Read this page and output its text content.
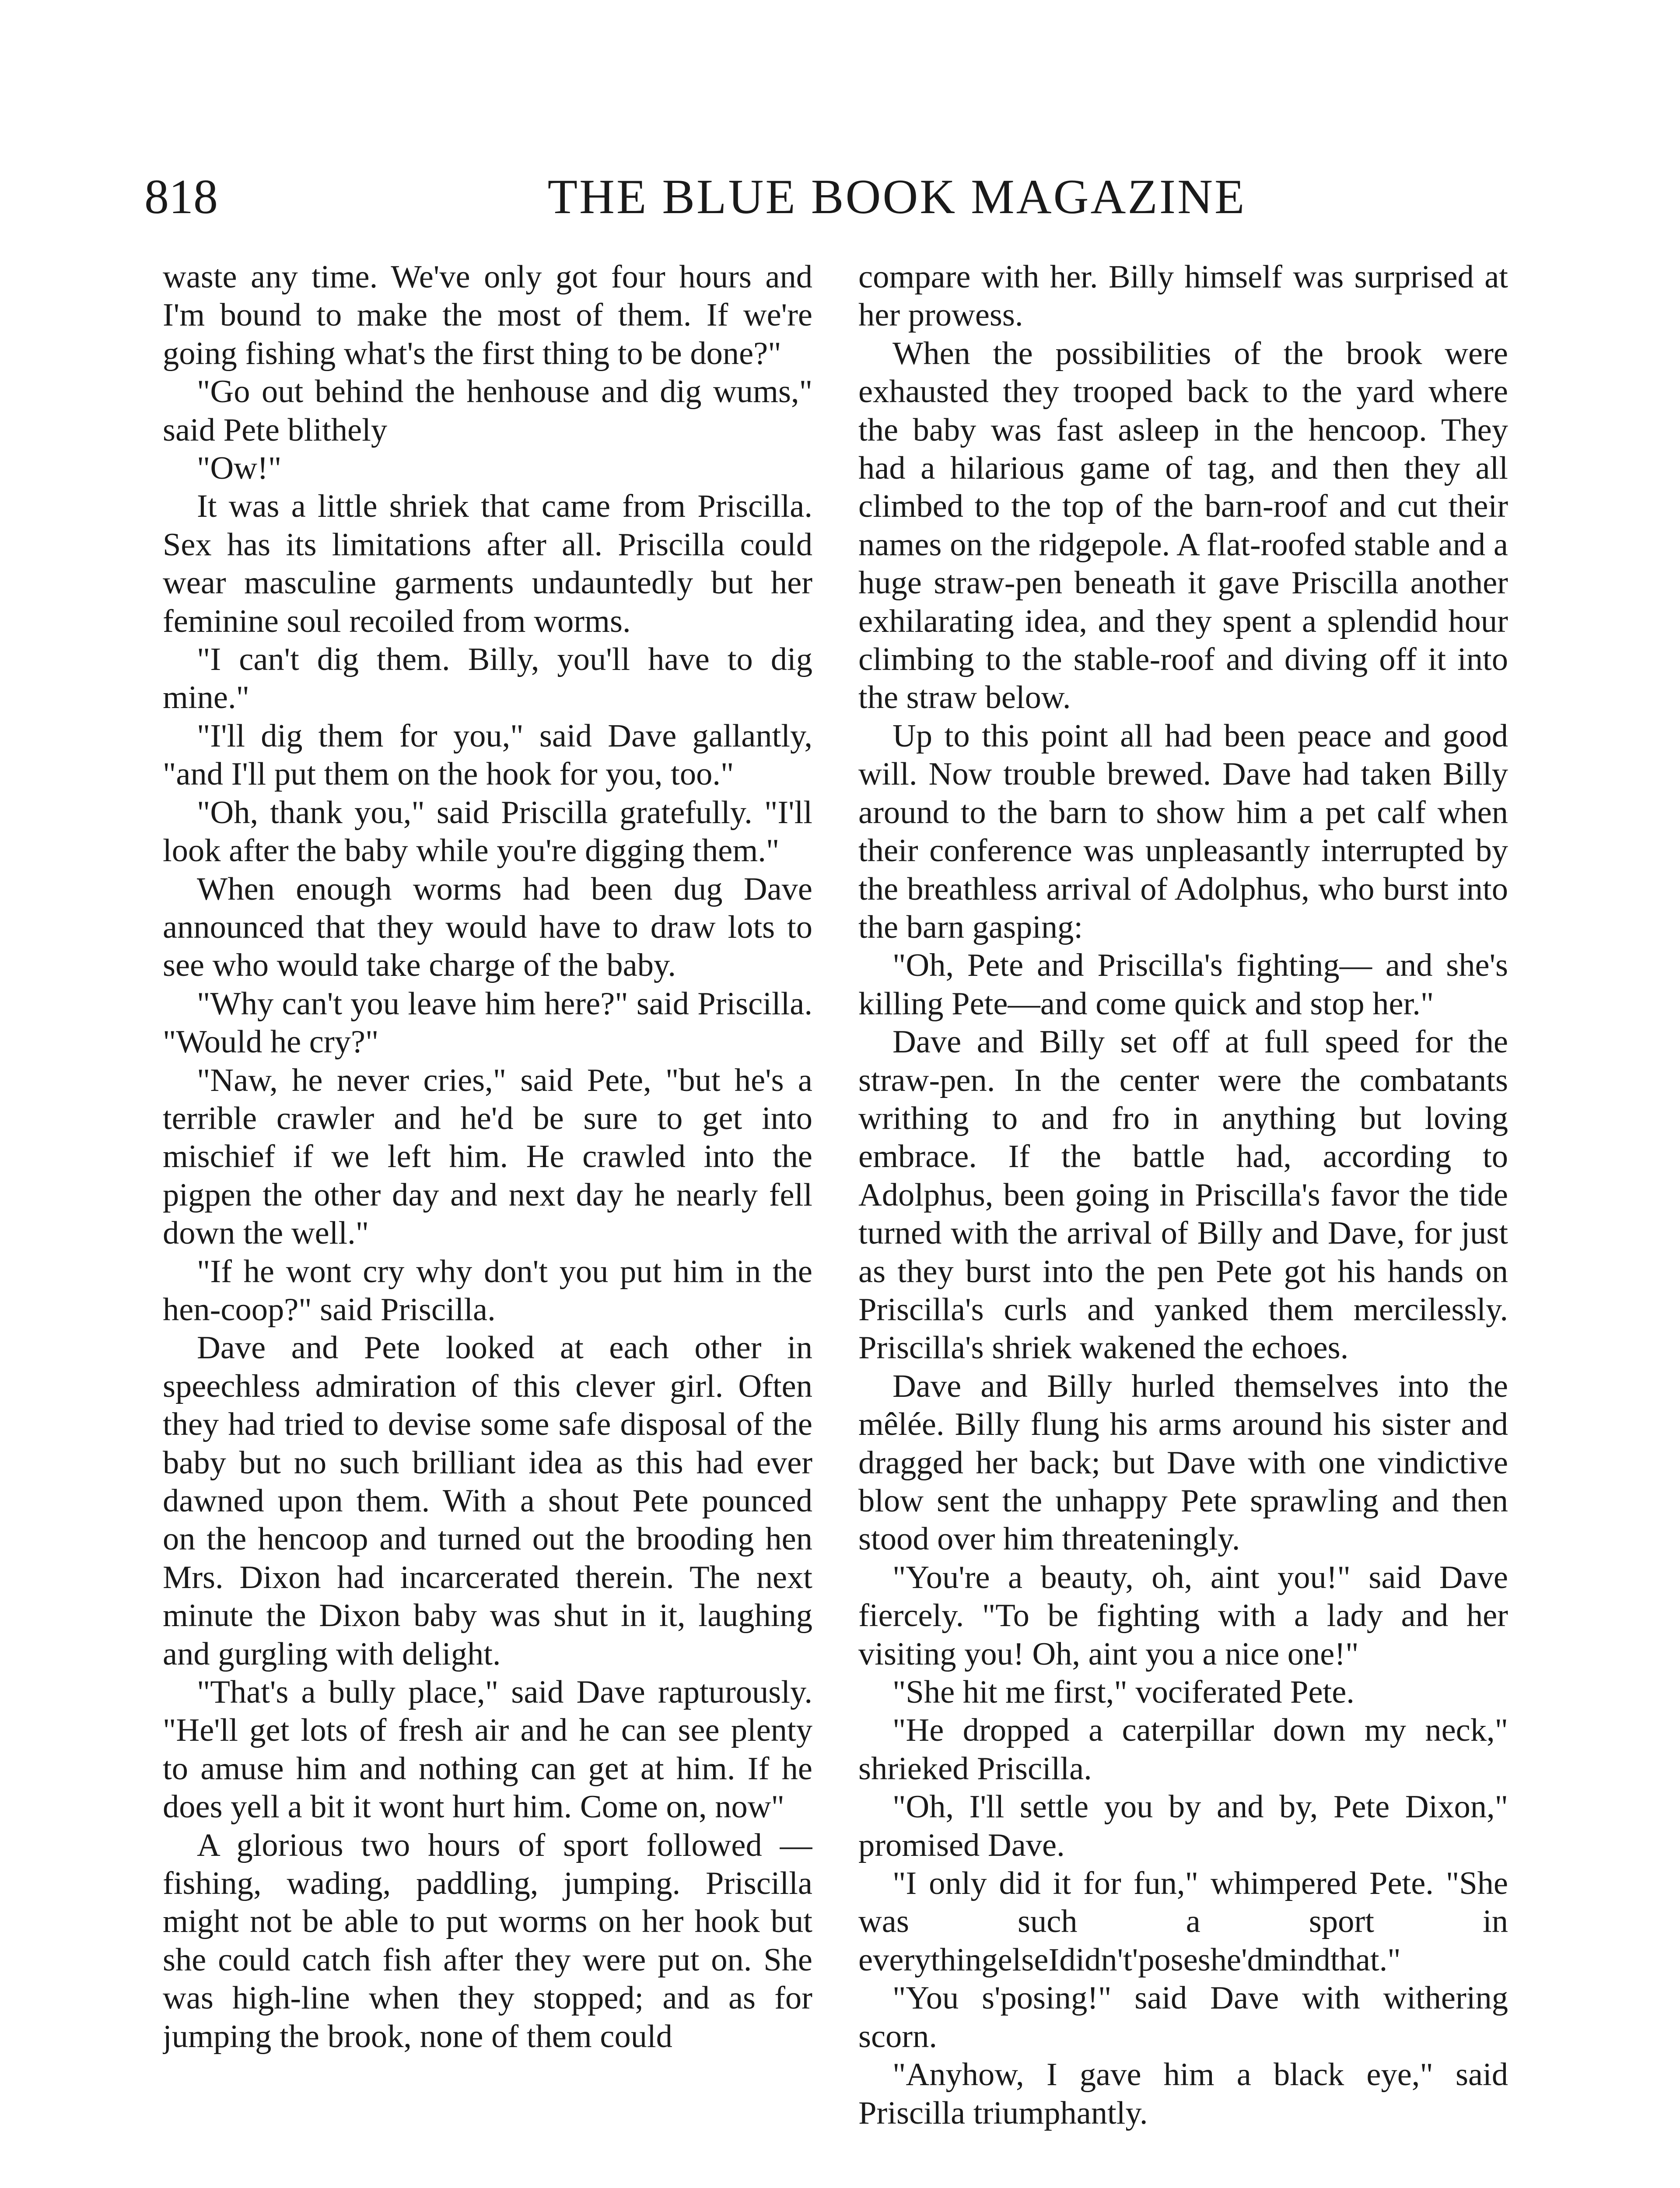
818	THE BLUE BOOK MAGAZINE

waste any time. We've only got four hours and I'm bound to make the most of them. If we're going fishing what's the first thing to be done?"

"Go out behind the henhouse and dig wums," said Pete blithely

"Ow!"

It was a little shriek that came from Priscilla. Sex has its limitations after all. Priscilla could wear masculine garments undauntedly but her feminine soul recoiled from worms.

"I can't dig them. Billy, you'll have to dig mine."

"I'll dig them for you," said Dave gallantly, "and I'll put them on the hook for you, too."

"Oh, thank you," said Priscilla gratefully. "I'll look after the baby while you're digging them."

When enough worms had been dug Dave announced that they would have to draw lots to see who would take charge of the baby.

"Why can't you leave him here?" said Priscilla. "Would he cry?"

"Naw, he never cries," said Pete, "but he's a terrible crawler and he'd be sure to get into mischief if we left him. He crawled into the pigpen the other day and next day he nearly fell down the well."

"If he wont cry why don't you put him in the hen-coop?" said Priscilla.

Dave and Pete looked at each other in speechless admiration of this clever girl. Often they had tried to devise some safe disposal of the baby but no such brilliant idea as this had ever dawned upon them. With a shout Pete pounced on the hencoop and turned out the brooding hen Mrs. Dixon had incarcerated therein. The next minute the Dixon baby was shut in it, laughing and gurgling with delight.

"That's a bully place," said Dave rapturously. "He'll get lots of fresh air and he can see plenty to amuse him and nothing can get at him. If he does yell a bit it wont hurt him. Come on, now"

A glorious two hours of sport followed —fishing, wading, paddling, jumping. Priscilla might not be able to put worms on her hook but she could catch fish after they were put on. She was high-line when they stopped; and as for jumping the brook, none of them could

compare with her. Billy himself was surprised at her prowess.

When the possibilities of the brook were exhausted they trooped back to the yard where the baby was fast asleep in the hencoop. They had a hilarious game of tag, and then they all climbed to the top of the barn-roof and cut their names on the ridgepole. A flat-roofed stable and a huge straw-pen beneath it gave Priscilla another exhilarating idea, and they spent a splendid hour climbing to the stable-roof and diving off it into the straw below.

Up to this point all had been peace and good will. Now trouble brewed. Dave had taken Billy around to the barn to show him a pet calf when their conference was unpleasantly interrupted by the breathless arrival of Adolphus, who burst into the barn gasping:

"Oh, Pete and Priscilla's fighting— and she's killing Pete—and come quick and stop her."

Dave and Billy set off at full speed for the straw-pen. In the center were the combatants writhing to and fro in anything but loving embrace. If the battle had, according to Adolphus, been going in Priscilla's favor the tide turned with the arrival of Billy and Dave, for just as they burst into the pen Pete got his hands on Priscilla's curls and yanked them mercilessly. Priscilla's shriek wakened the echoes.

Dave and Billy hurled themselves into the mêlée. Billy flung his arms around his sister and dragged her back; but Dave with one vindictive blow sent the unhappy Pete sprawling and then stood over him threateningly.

"You're a beauty, oh, aint you!" said Dave fiercely. "To be fighting with a lady and her visiting you! Oh, aint you a nice one!"

"She hit me first," vociferated Pete.

"He dropped a caterpillar down my neck," shrieked Priscilla.

"Oh, I'll settle you by and by, Pete Dixon," promised Dave.

"I only did it for fun," whimpered Pete. "She was such a sport in everythingelseIdidn't'poseshe'dmindthat."

"You s'posing!" said Dave with withering scorn.

"Anyhow, I gave him a black eye," said Priscilla triumphantly.
